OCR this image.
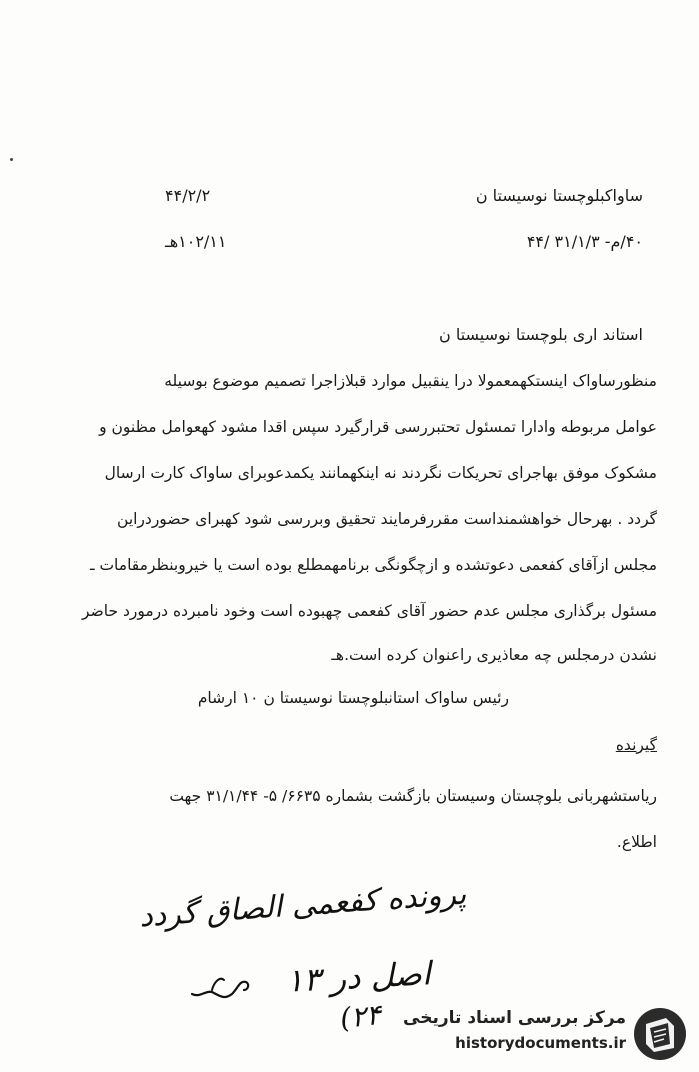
ساواکبلوچستا نوسیستا ن
۴۴/۲/۲
۴۰/م- ۳۱/۱/۳ /۴۴
۱۰۲/۱۱هـ
استاند اری بلوچستا نوسیستا ن
منظورساواک اینستکهمعمولا درا ینقبیل موارد قبلازاجرا تصمیم موضوع بوسیله
عوامل مربوطه وادارا تمسئول تحتبررسی قرارگیرد سپس اقدا مشود کهعوامل مظنون و
مشکوک موفق بهاجرای تحریکات نگردند نه اینکهمانند یکمدعوبرای ساواک کارت ارسال
گردد . بهرحال خواهشمنداست مقررفرمایند تحقیق وبررسی شود کهبرای حضوردراین
مجلس ازآقای کفعمی دعوتشده و ازچگونگی برنامهمطلع بوده است یا خیروبنظرمقامات ـ
مسئول برگذاری مجلس عدم حضور آقای کفعمی چهبوده است وخود نامبرده درمورد حاضر
نشدن درمجلس چه معاذیری راعنوان کرده است.هـ
رئیس ساواک استانبلوچستا نوسیستا ن ۱۰ ارشام
گیرنده
ریاستشهربانی بلوچستان وسیستان بازگشت بشماره ۶۶۳۵/ ۵- ۳۱/۱/۴۴ جهت
اطلاع.
پرونده کفعمی الصاق گردد
اصل در ۱۳
(۲۴ مرکز بررسی اسناد تاریخی
historydocuments.ir
